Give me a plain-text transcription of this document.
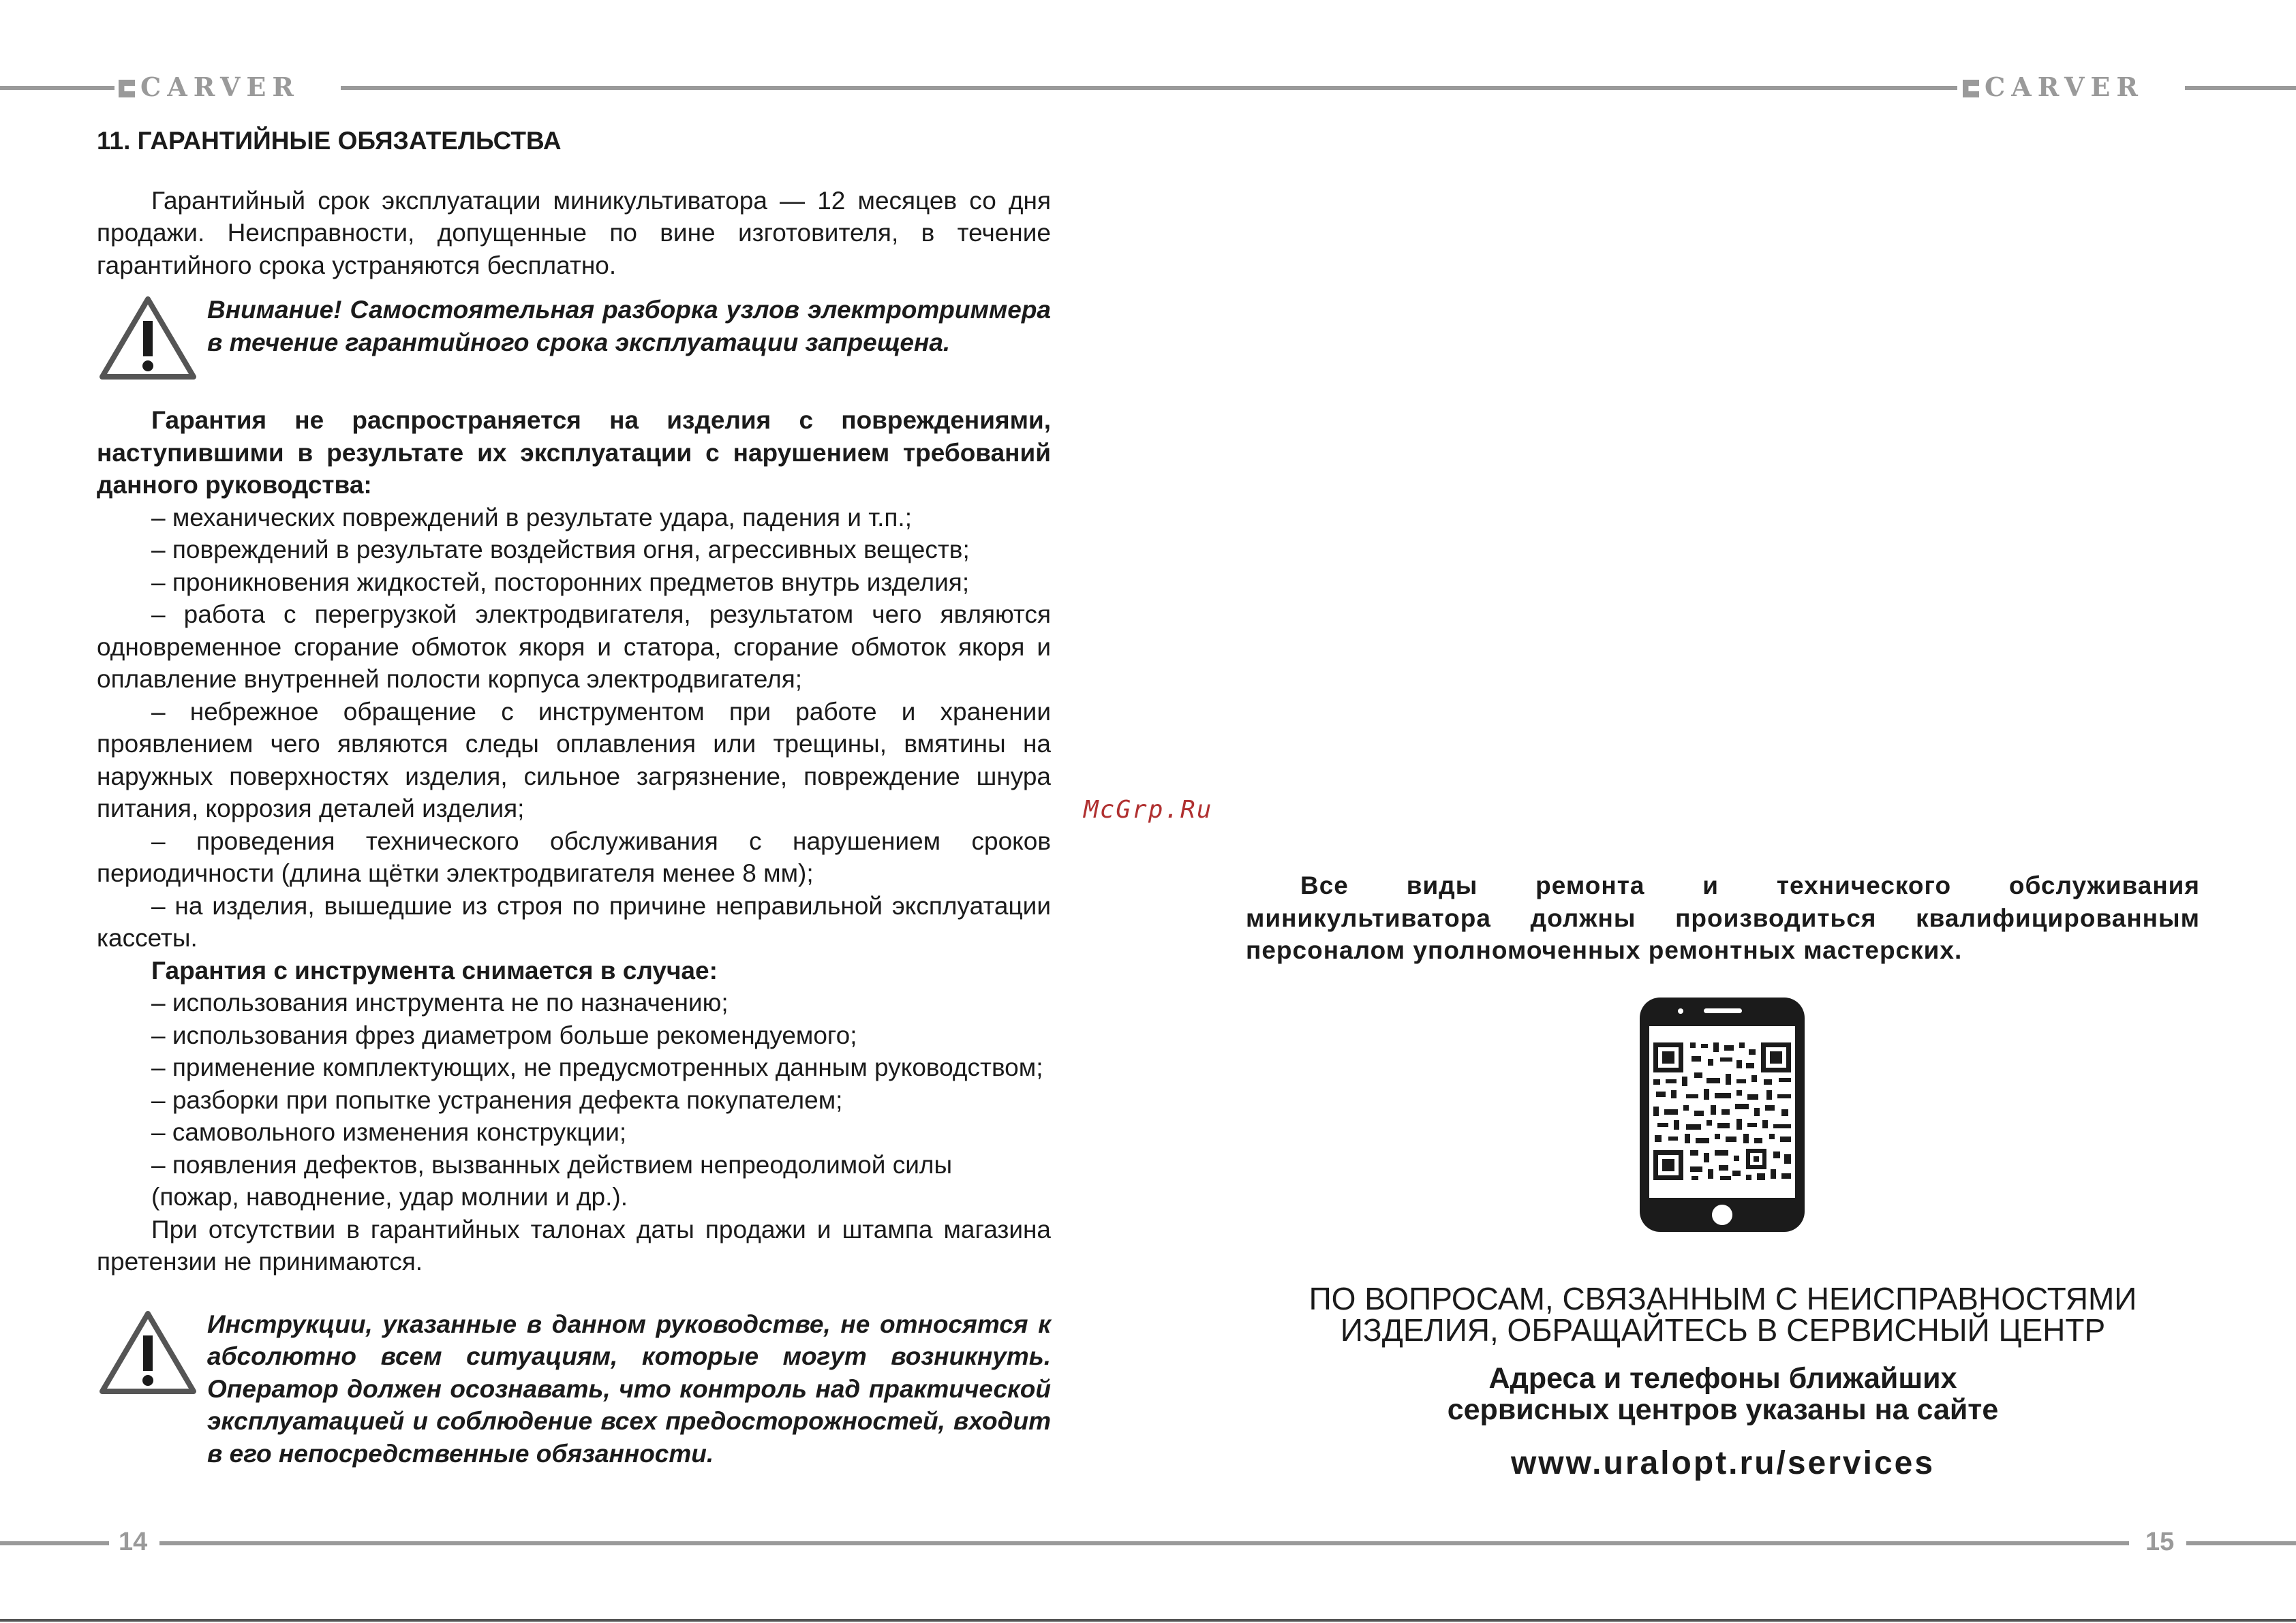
CARVER	CARVER
11. ГАРАНТИЙНЫЕ ОБЯЗАТЕЛЬСТВА

Гарантийный срок эксплуатации миникультиватора — 12 месяцев со дня продажи. Неисправности, допущенные по вине изготовителя, в течение гарантийного срока устраняются бесплатно.

Внимание! Самостоятельная разборка узлов электротриммера в течение гарантийного срока эксплуатации запрещена.

Гарантия не распространяется на изделия с повреждениями, наступившими в результате их эксплуатации с нарушением требований данного руководства:

– механических повреждений в результате удара, падения и т.п.;

– повреждений в результате воздействия огня, агрессивных веществ;

– проникновения жидкостей, посторонних предметов внутрь изделия;

– работа с перегрузкой электродвигателя, результатом чего являются одновременное сгорание обмоток якоря и статора, сгорание обмоток якоря и оплавление внутренней полости корпуса электродвигателя;

– небрежное обращение с инструментом при работе и хранении проявлением чего являются следы оплавления или трещины, вмятины на наружных поверхностях изделия, сильное загрязнение, повреждение шнура питания, коррозия деталей изделия;

– проведения технического обслуживания с нарушением сроков периодичности (длина щётки электродвигателя менее 8 мм);

– на изделия, вышедшие из строя по причине неправильной эксплуатации кассеты.

Гарантия с инструмента снимается в случае:

– использования инструмента не по назначению;

– использования фрез диаметром больше рекомендуемого;

– применение комплектующих, не предусмотренных данным руководством;

– разборки при попытке устранения дефекта покупателем;

– самовольного изменения конструкции;

– появления дефектов, вызванных действием непреодолимой силы

(пожар, наводнение, удар молнии и др.).

При отсутствии в гарантийных талонах даты продажи и штампа магазина претензии не принимаются.

Инструкции, указанные в данном руководстве, не относятся к абсолютно всем ситуациям, которые могут возникнуть. Оператор должен осознавать, что контроль над практической эксплуатацией и соблюдение всех предосторожностей, входит в его непосредственные обязанности.
McGrp.Ru

Все виды ремонта и технического обслуживания миникультиватора должны производиться квалифицированным персоналом уполномоченных ремонтных мастерских.

ПО ВОПРОСАМ, СВЯЗАННЫМ С НЕИСПРАВНОСТЯМИ
ИЗДЕЛИЯ, ОБРАЩАЙТЕСЬ В СЕРВИСНЫЙ ЦЕНТР
Адреса и телефоны ближайших
сервисных центров указаны на сайте
www.uralopt.ru/services
14	15
